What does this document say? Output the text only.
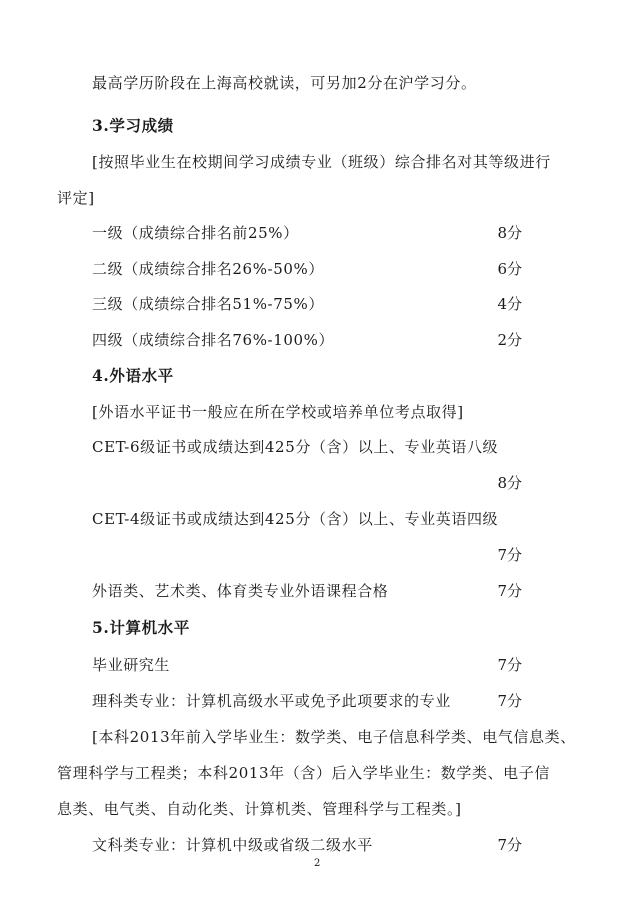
最高学历阶段在上海高校就读，可另加2分在沪学习分。
3.学习成绩
[按照毕业生在校期间学习成绩专业（班级）综合排名对其等级进行
评定]
一级（成绩综合排名前25%）	8分
二级（成绩综合排名26%-50%）	6分
三级（成绩综合排名51%-75%）	4分
四级（成绩综合排名76%-100%）	2分
4.外语水平
[外语水平证书一般应在所在学校或培养单位考点取得]
CET-6级证书或成绩达到425分（含）以上、专业英语八级
8分
CET-4级证书或成绩达到425分（含）以上、专业英语四级
7分
外语类、艺术类、体育类专业外语课程合格	7分
5.计算机水平
毕业研究生	7分
理科类专业：计算机高级水平或免予此项要求的专业	7分
[本科2013年前入学毕业生：数学类、电子信息科学类、电气信息类、
管理科学与工程类；本科2013年（含）后入学毕业生：数学类、电子信
息类、电气类、自动化类、计算机类、管理科学与工程类。]
文科类专业：计算机中级或省级二级水平	7分
2
